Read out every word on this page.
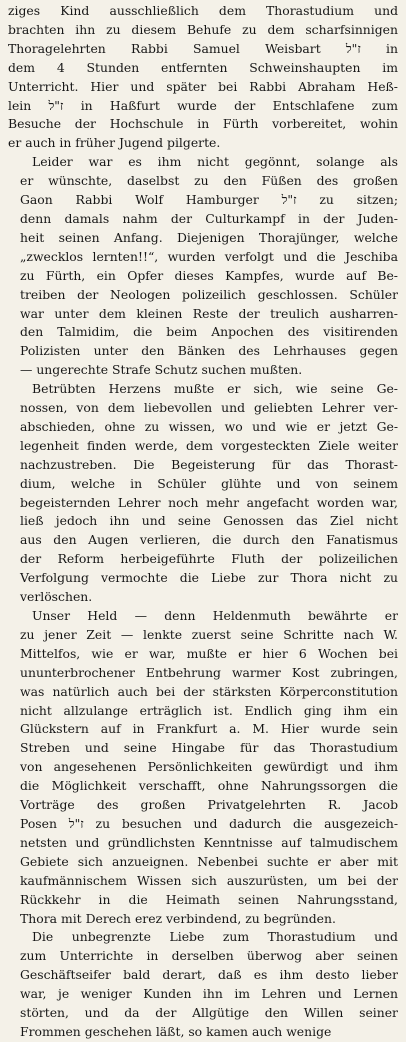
ziges Kind ausschließlich dem Thorastudium und
brachten ihn zu diesem Behufe zu dem scharfsinnigen
Thoragelehrten Rabbi Samuel Weisbart ז"ל in
dem 4 Stunden entfernten Schweinshaupten im
Unterricht. Hier und später bei Rabbi Abraham Heß-
lein ז"ל in Haßfurt wurde der Entschlafene zum
Besuche der Hochschule in Fürth vorbereitet, wohin
er auch in früher Jugend pilgerte.

Leider war es ihm nicht gegönnt, solange als
er wünschte, daselbst zu den Füßen des großen
Gaon Rabbi Wolf Hamburger ז"ל zu sitzen;
denn damals nahm der Culturkampf in der Juden-
heit seinen Anfang. Diejenigen Thorajünger, welche
„zwecklos lernten!!“, wurden verfolgt und die Jeschiba
zu Fürth, ein Opfer dieses Kampfes, wurde auf Be-
treiben der Neologen polizeilich geschlossen. Schüler
war unter dem kleinen Reste der treulich ausharren-
den Talmidim, die beim Anpochen des visitirenden
Polizisten unter den Bänken des Lehrhauses gegen
— ungerechte Strafe Schutz suchen mußten.

Betrübten Herzens mußte er sich, wie seine Ge-
nossen, von dem liebevollen und geliebten Lehrer ver-
abschieden, ohne zu wissen, wo und wie er jetzt Ge-
legenheit finden werde, dem vorgesteckten Ziele weiter
nachzustreben. Die Begeisterung für das Thorast-
dium, welche in Schüler glühte und von seinem
begeisternden Lehrer noch mehr angefacht worden war,
ließ jedoch ihn und seine Genossen das Ziel nicht
aus den Augen verlieren, die durch den Fanatismus
der Reform herbeigeführte Fluth der polizeilichen
Verfolgung vermochte die Liebe zur Thora nicht zu
verlöschen.

Unser Held — denn Heldenmuth bewährte er
zu jener Zeit — lenkte zuerst seine Schritte nach W.
Mittelfos, wie er war, mußte er hier 6 Wochen bei
ununterbrochener Entbehrung warmer Kost zubringen,
was natürlich auch bei der stärksten Körperconstitution
nicht allzulange erträglich ist. Endlich ging ihm ein
Glückstern auf in Frankfurt a. M. Hier wurde sein
Streben und seine Hingabe für das Thorastudium
von angesehenen Persönlichkeiten gewürdigt und ihm
die Möglichkeit verschafft, ohne Nahrungssorgen die
Vorträge des großen Privatgelehrten R. Jacob
Posen ז"ל zu besuchen und dadurch die ausgezeich-
netsten und gründlichsten Kenntnisse auf talmudischem
Gebiete sich anzueignen. Nebenbei suchte er aber mit
kaufmännischem Wissen sich auszurüsten, um bei der
Rückkehr in die Heimath seinen Nahrungsstand,
Thora mit Derech erez verbindend, zu begründen.

Die unbegrenzte Liebe zum Thorastudium und
zum Unterrichte in derselben überwog aber seinen
Geschäftseifer bald derart, daß es ihm desto lieber
war, je weniger Kunden ihn im Lehren und Lernen
störten, und da der Allgütige den Willen seiner
Frommen geschehen läßt, so kamen auch wenige
